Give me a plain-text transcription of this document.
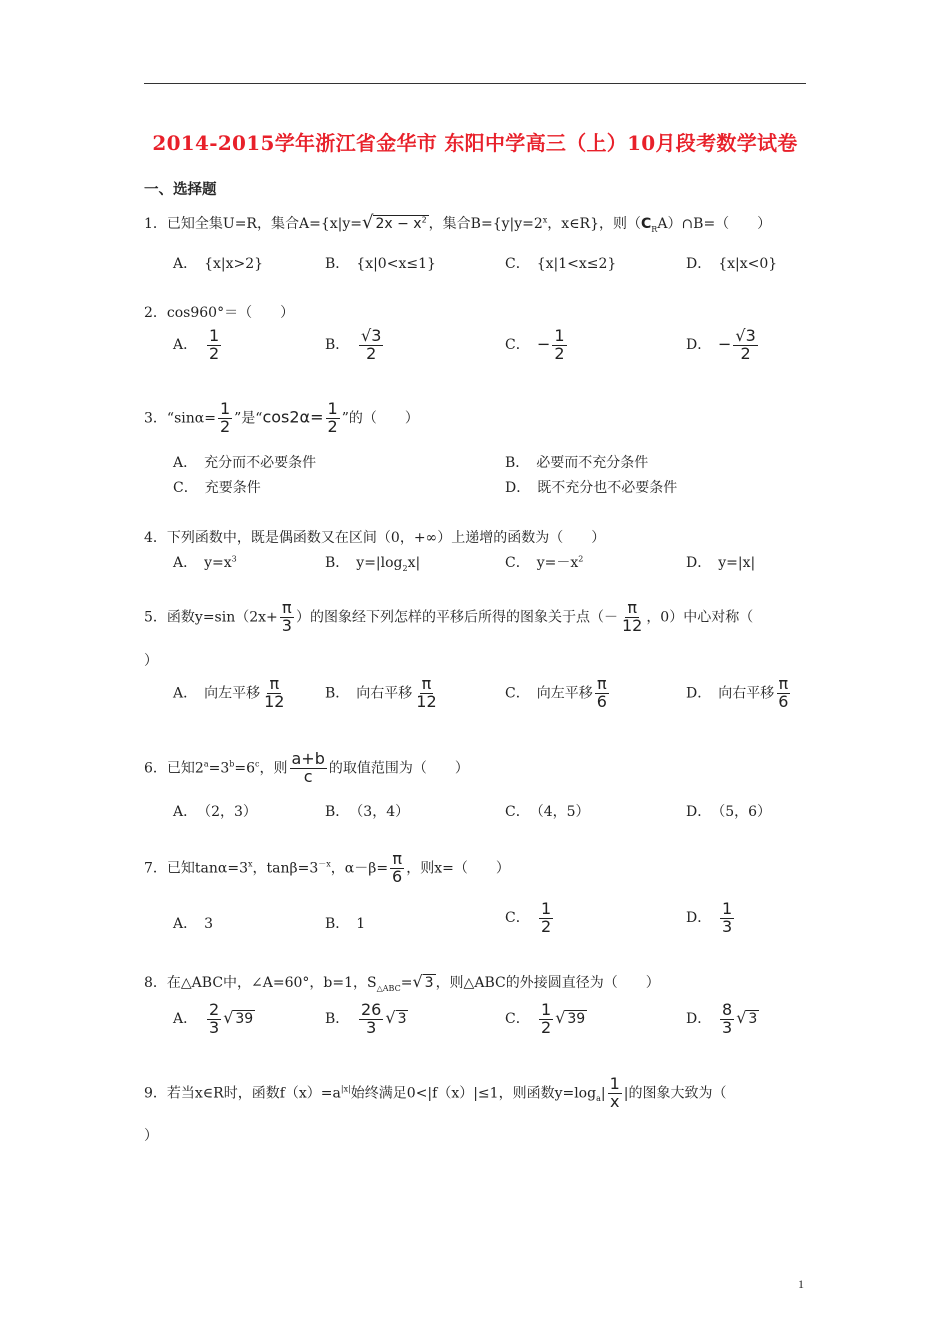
2014-2015学年浙江省金华市 东阳中学高三（上）10月段考数学试卷
一、选择题
1．已知全集U=R，集合A={x|y=√ $2x - x^2$ ，集合$B=\{y|y=2^x$，x∈R}，则$(C_RA)\cap B=$（　　）
A．　{x|x>2}	B．　{x|0<x≤1}	C．　{x|1<x≤2}	D．　{x|x<0}
2．cos960°＝（　　）
A． $\frac{1}{2}$	B． $\frac{√3}{2}$	C． − $\frac{1}{2}$	D． − $\frac{√3}{2}$
3．“$\sin\alpha= \frac{1}{2}$ ”是“$\cos 2\alpha= \frac{1}{2}$ ”的（　　）
A．　充分而不必要条件	B．　必要而不充分条件
C．　充要条件	D．　既不充分也不必要条件
4．下列函数中，既是偶函数又在区间（0，+∞）上递增的函数为（　　）
A．　$y=x^3$	B．　$y=|\log_2x|$	C．　$y=-x^2$	D．　y=|x|
5．函数$y=\sin(2x+ \frac{\pi}{3}$ ）的图象经下列怎样的平移后所得的图象关于点（－ $\frac{\pi}{12}$ ，0）中心对称（
）
A．　向左平移 $\frac{\pi}{12}$	B．　向右平移 $\frac{\pi}{12}$	C．　向左平移 $\frac{\pi}{6}$	D．　向右平移 $\frac{\pi}{6}$
6．已知$2^a=3^b=6^c$，则 $\frac{a+b}{c}$ 的取值范围为（　　）
A．　（2，3）	B．　（3，4）	C．　（4，5）	D．　（5，6）
7．已知$\tan\alpha=3^x$，$\tan\beta=3^{-x}$，$\alpha-\beta= \frac{\pi}{6}$ ，则x=（　　）
A．　3	B．　1	C． $\frac{1}{2}$	D． $\frac{1}{3}$
8．在△ABC中，∠A=60°，b=1，$S_{\triangle ABC}=√$ 3 ，则△ABC的外接圆直径为（　　）
A． $\frac{2}{3}$ √ 39	B． $\frac{26}{3}$ √ 3	C． $\frac{1}{2}$ √ 39	D． $\frac{8}{3}$ √ 3
9．若当x∈R时，函数$f(x)=a^{|x|}$始终满足0<|f（x）|≤1，则函数$y=\log_a| \frac{1}{x}$ |的图象大致为（
）
1
